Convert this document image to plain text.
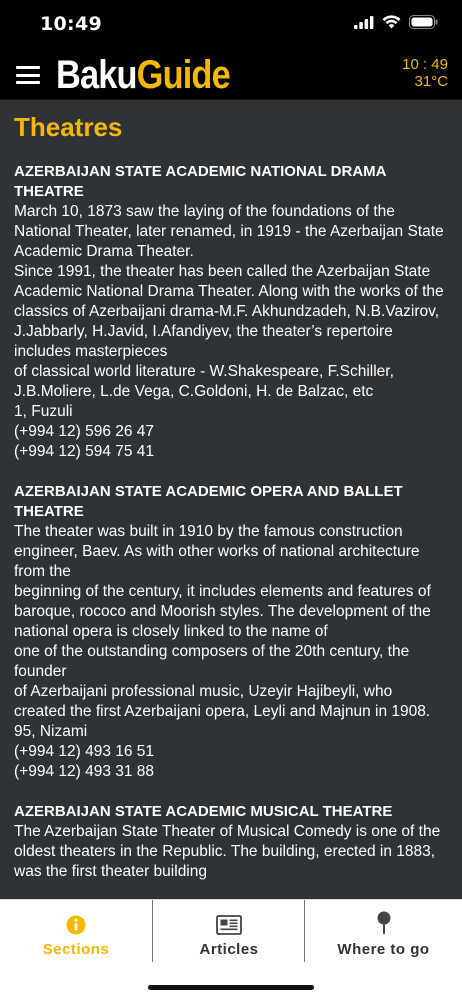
10:49
BakuGuide	10 : 49
31°C
Theatres
AZERBAIJAN STATE ACADEMIC NATIONAL DRAMA THEATRE
March 10, 1873 saw the laying of the foundations of the National Theater, later renamed, in 1919 - the Azerbaijan State Academic Drama Theater.
Since 1991, the theater has been called the Azerbaijan State Academic National Drama Theater. Along with the works of the classics of Azerbaijani drama-M.F. Akhundzadeh, N.B.Vazirov, J.Jabbarly, H.Javid, I.Afandiyev, the theater’s repertoire includes masterpieces
of classical world literature - W.Shakespeare, F.Schiller, J.B.Moliere, L.de Vega, C.Goldoni, H. de Balzac, etc
1, Fuzuli
(+994 12) 596 26 47
(+994 12) 594 75 41
AZERBAIJAN STATE ACADEMIC OPERA AND BALLET THEATRE
The theater was built in 1910 by the famous construction engineer, Baev. As with other works of national architecture from the
beginning of the century, it includes elements and features of baroque, rococo and Moorish styles. The development of the national opera is closely linked to the name of
one of the outstanding composers of the 20th century, the founder
of Azerbaijani professional music, Uzeyir Hajibeyli, who created the first Azerbaijani opera, Leyli and Majnun in 1908.
95, Nizami
(+994 12) 493 16 51
(+994 12) 493 31 88
AZERBAIJAN STATE ACADEMIC MUSICAL THEATRE
The Azerbaijan State Theater of Musical Comedy is one of the oldest theaters in the Republic. The building, erected in 1883, was the first theater building
Sections	Articles	Where to go
